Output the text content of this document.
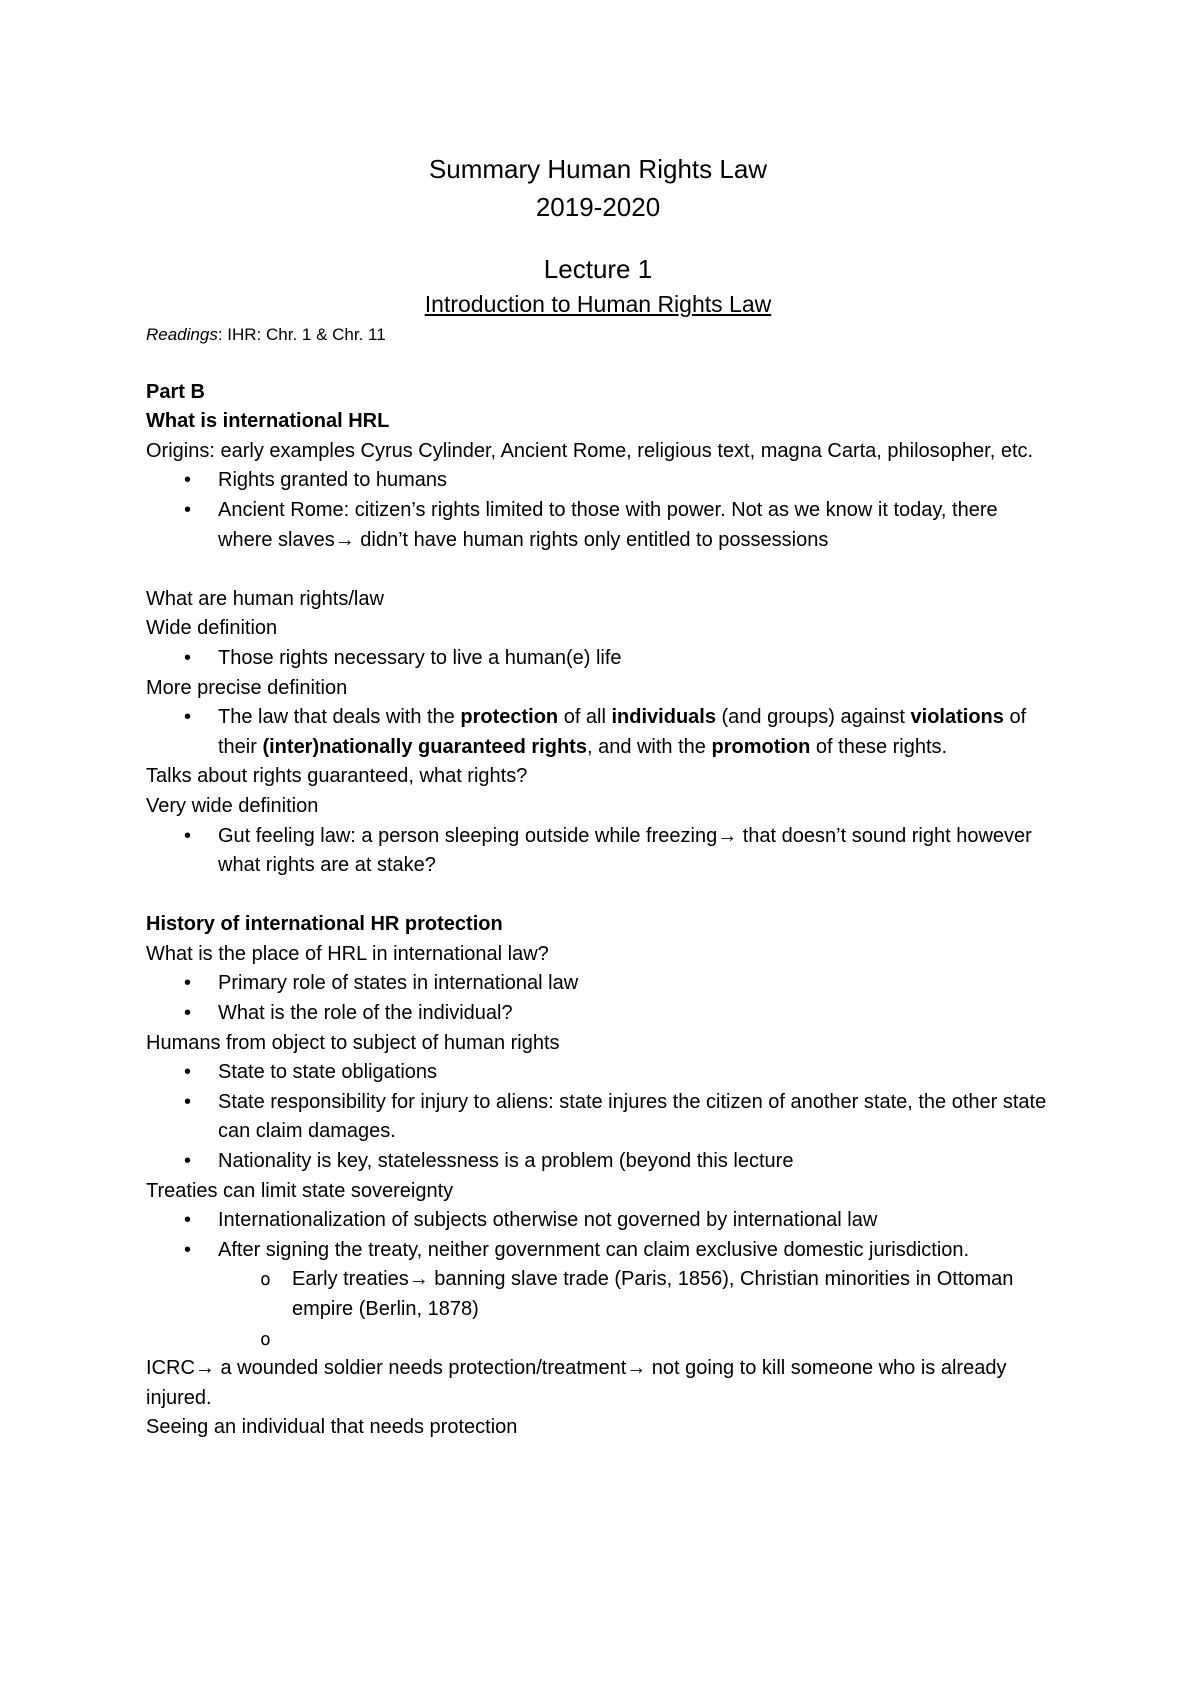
Summary Human Rights Law
2019-2020
Lecture 1
Introduction to Human Rights Law
Readings: IHR: Chr. 1 & Chr. 11

Part B

What is international HRL

Origins: early examples Cyrus Cylinder, Ancient Rome, religious text, magna Carta, philosopher, etc.

• Rights granted to humans
• Ancient Rome: citizen’s rights limited to those with power. Not as we know it today, there where slaves→ didn’t have human rights only entitled to possessions

What are human rights/law

Wide definition

• Those rights necessary to live a human(e) life

More precise definition

• The law that deals with the protection of all individuals (and groups) against violations of their (inter)nationally guaranteed rights, and with the promotion of these rights.

Talks about rights guaranteed, what rights?

Very wide definition

• Gut feeling law: a person sleeping outside while freezing→ that doesn’t sound right however what rights are at stake?

History of international HR protection

What is the place of HRL in international law?

• Primary role of states in international law
• What is the role of the individual?

Humans from object to subject of human rights

• State to state obligations
• State responsibility for injury to aliens: state injures the citizen of another state, the other state can claim damages.
• Nationality is key, statelessness is a problem (beyond this lecture

Treaties can limit state sovereignty

• Internationalization of subjects otherwise not governed by international law
• After signing the treaty, neither government can claim exclusive domestic jurisdiction.
o Early treaties→ banning slave trade (Paris, 1856), Christian minorities in Ottoman empire (Berlin, 1878)
o

ICRC→ a wounded soldier needs protection/treatment→ not going to kill someone who is already injured.

Seeing an individual that needs protection
